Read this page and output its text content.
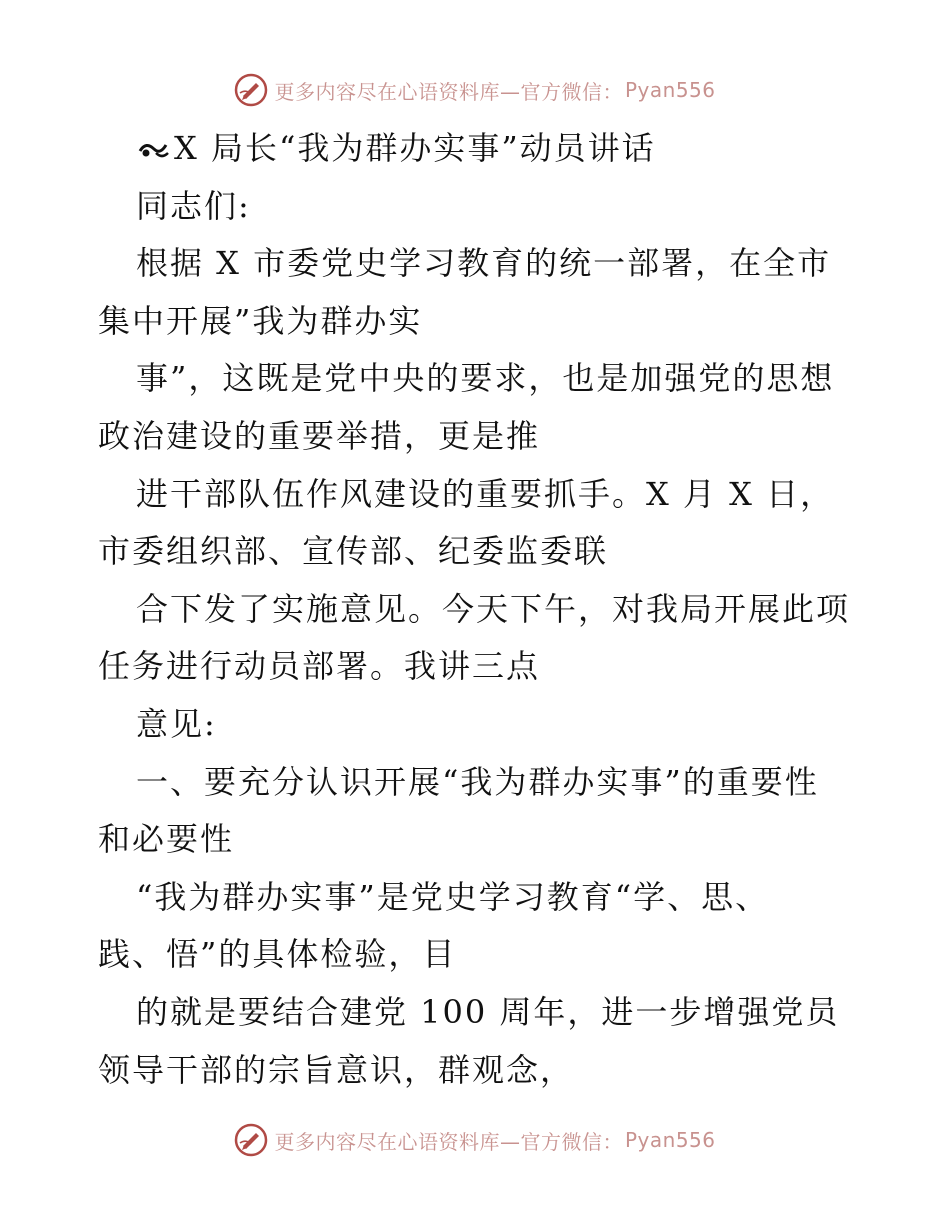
更多内容尽在心语资料库—官方微信： Pyan556
X 局长“我为群办实事”动员讲话
同志们:
根据 X 市委党史学习教育的统一部署，在全市
集中开展”我为群办实
事”，这既是党中央的要求，也是加强党的思想
政治建设的重要举措，更是推
进干部队伍作风建设的重要抓手。X 月 X 日，
市委组织部、宣传部、纪委监委联
合下发了实施意见。今天下午，对我局开展此项
任务进行动员部署。我讲三点
意见:
一、要充分认识开展“我为群办实事”的重要性
和必要性
“我为群办实事”是党史学习教育“学、思、
践、悟”的具体检验，目
的就是要结合建党 100 周年，进一步增强党员
领导干部的宗旨意识，群观念，
更多内容尽在心语资料库—官方微信： Pyan556
